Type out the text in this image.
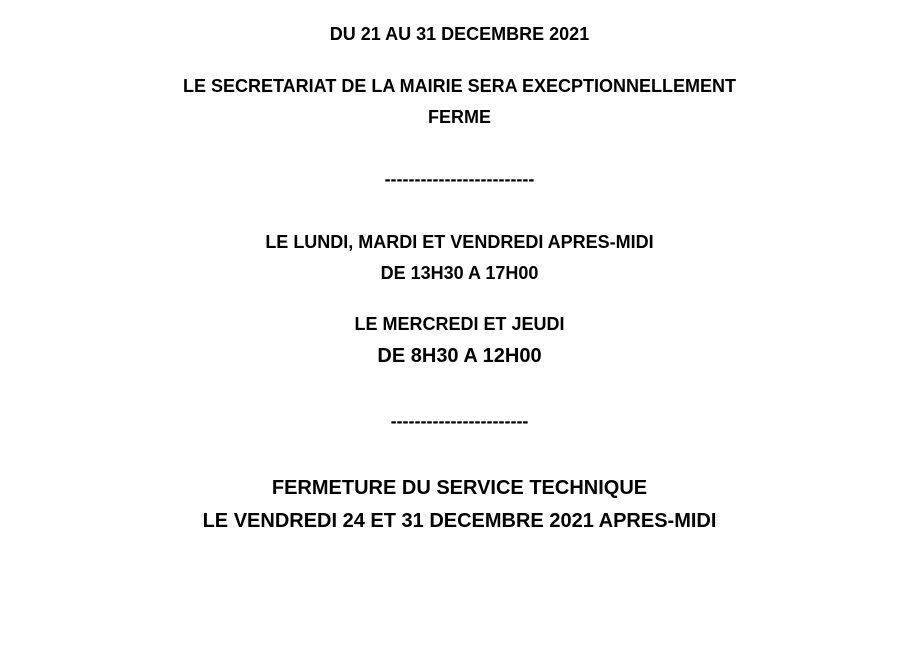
DU 21 AU 31 DECEMBRE 2021
LE SECRETARIAT DE LA MAIRIE SERA EXECPTIONNELLEMENT
FERME
-------------------------
LE LUNDI, MARDI ET VENDREDI APRES-MIDI
DE 13H30 A 17H00
LE MERCREDI ET JEUDI
DE 8H30 A 12H00
-----------------------
FERMETURE DU SERVICE TECHNIQUE
LE VENDREDI 24 ET 31 DECEMBRE 2021 APRES-MIDI
